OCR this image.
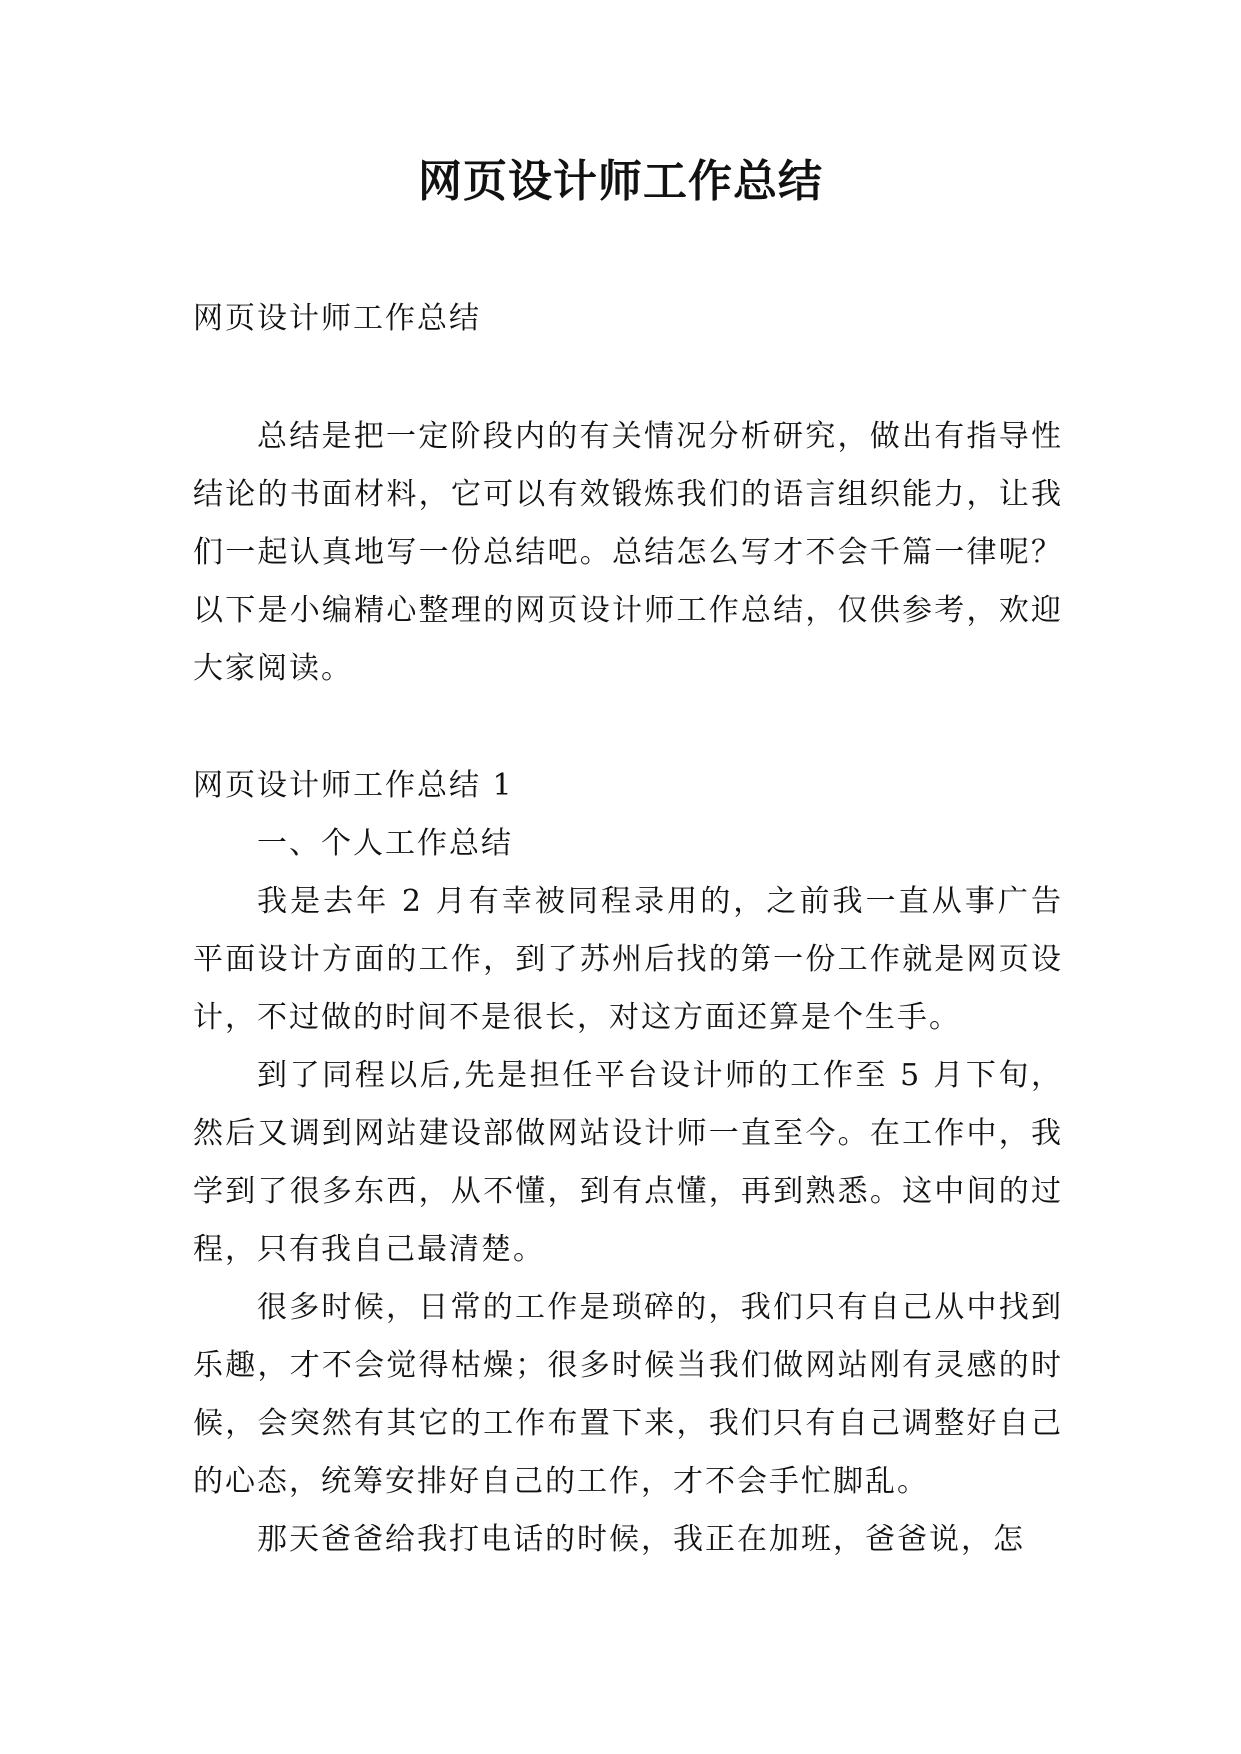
网页设计师工作总结
网页设计师工作总结
总结是把一定阶段内的有关情况分析研究，做出有指导性结论的书面材料，它可以有效锻炼我们的语言组织能力，让我们一起认真地写一份总结吧。总结怎么写才不会千篇一律呢？以下是小编精心整理的网页设计师工作总结，仅供参考，欢迎大家阅读。
网页设计师工作总结 1

一、个人工作总结

我是去年 2 月有幸被同程录用的，之前我一直从事广告平面设计方面的工作，到了苏州后找的第一份工作就是网页设计，不过做的时间不是很长，对这方面还算是个生手。

到了同程以后,先是担任平台设计师的工作至 5 月下旬，然后又调到网站建设部做网站设计师一直至今。在工作中，我学到了很多东西，从不懂，到有点懂，再到熟悉。这中间的过程，只有我自己最清楚。

很多时候，日常的工作是琐碎的，我们只有自己从中找到乐趣，才不会觉得枯燥；很多时候当我们做网站刚有灵感的时候，会突然有其它的工作布置下来，我们只有自己调整好自己的心态，统筹安排好自己的工作，才不会手忙脚乱。

那天爸爸给我打电话的时候，我正在加班，爸爸说，怎
